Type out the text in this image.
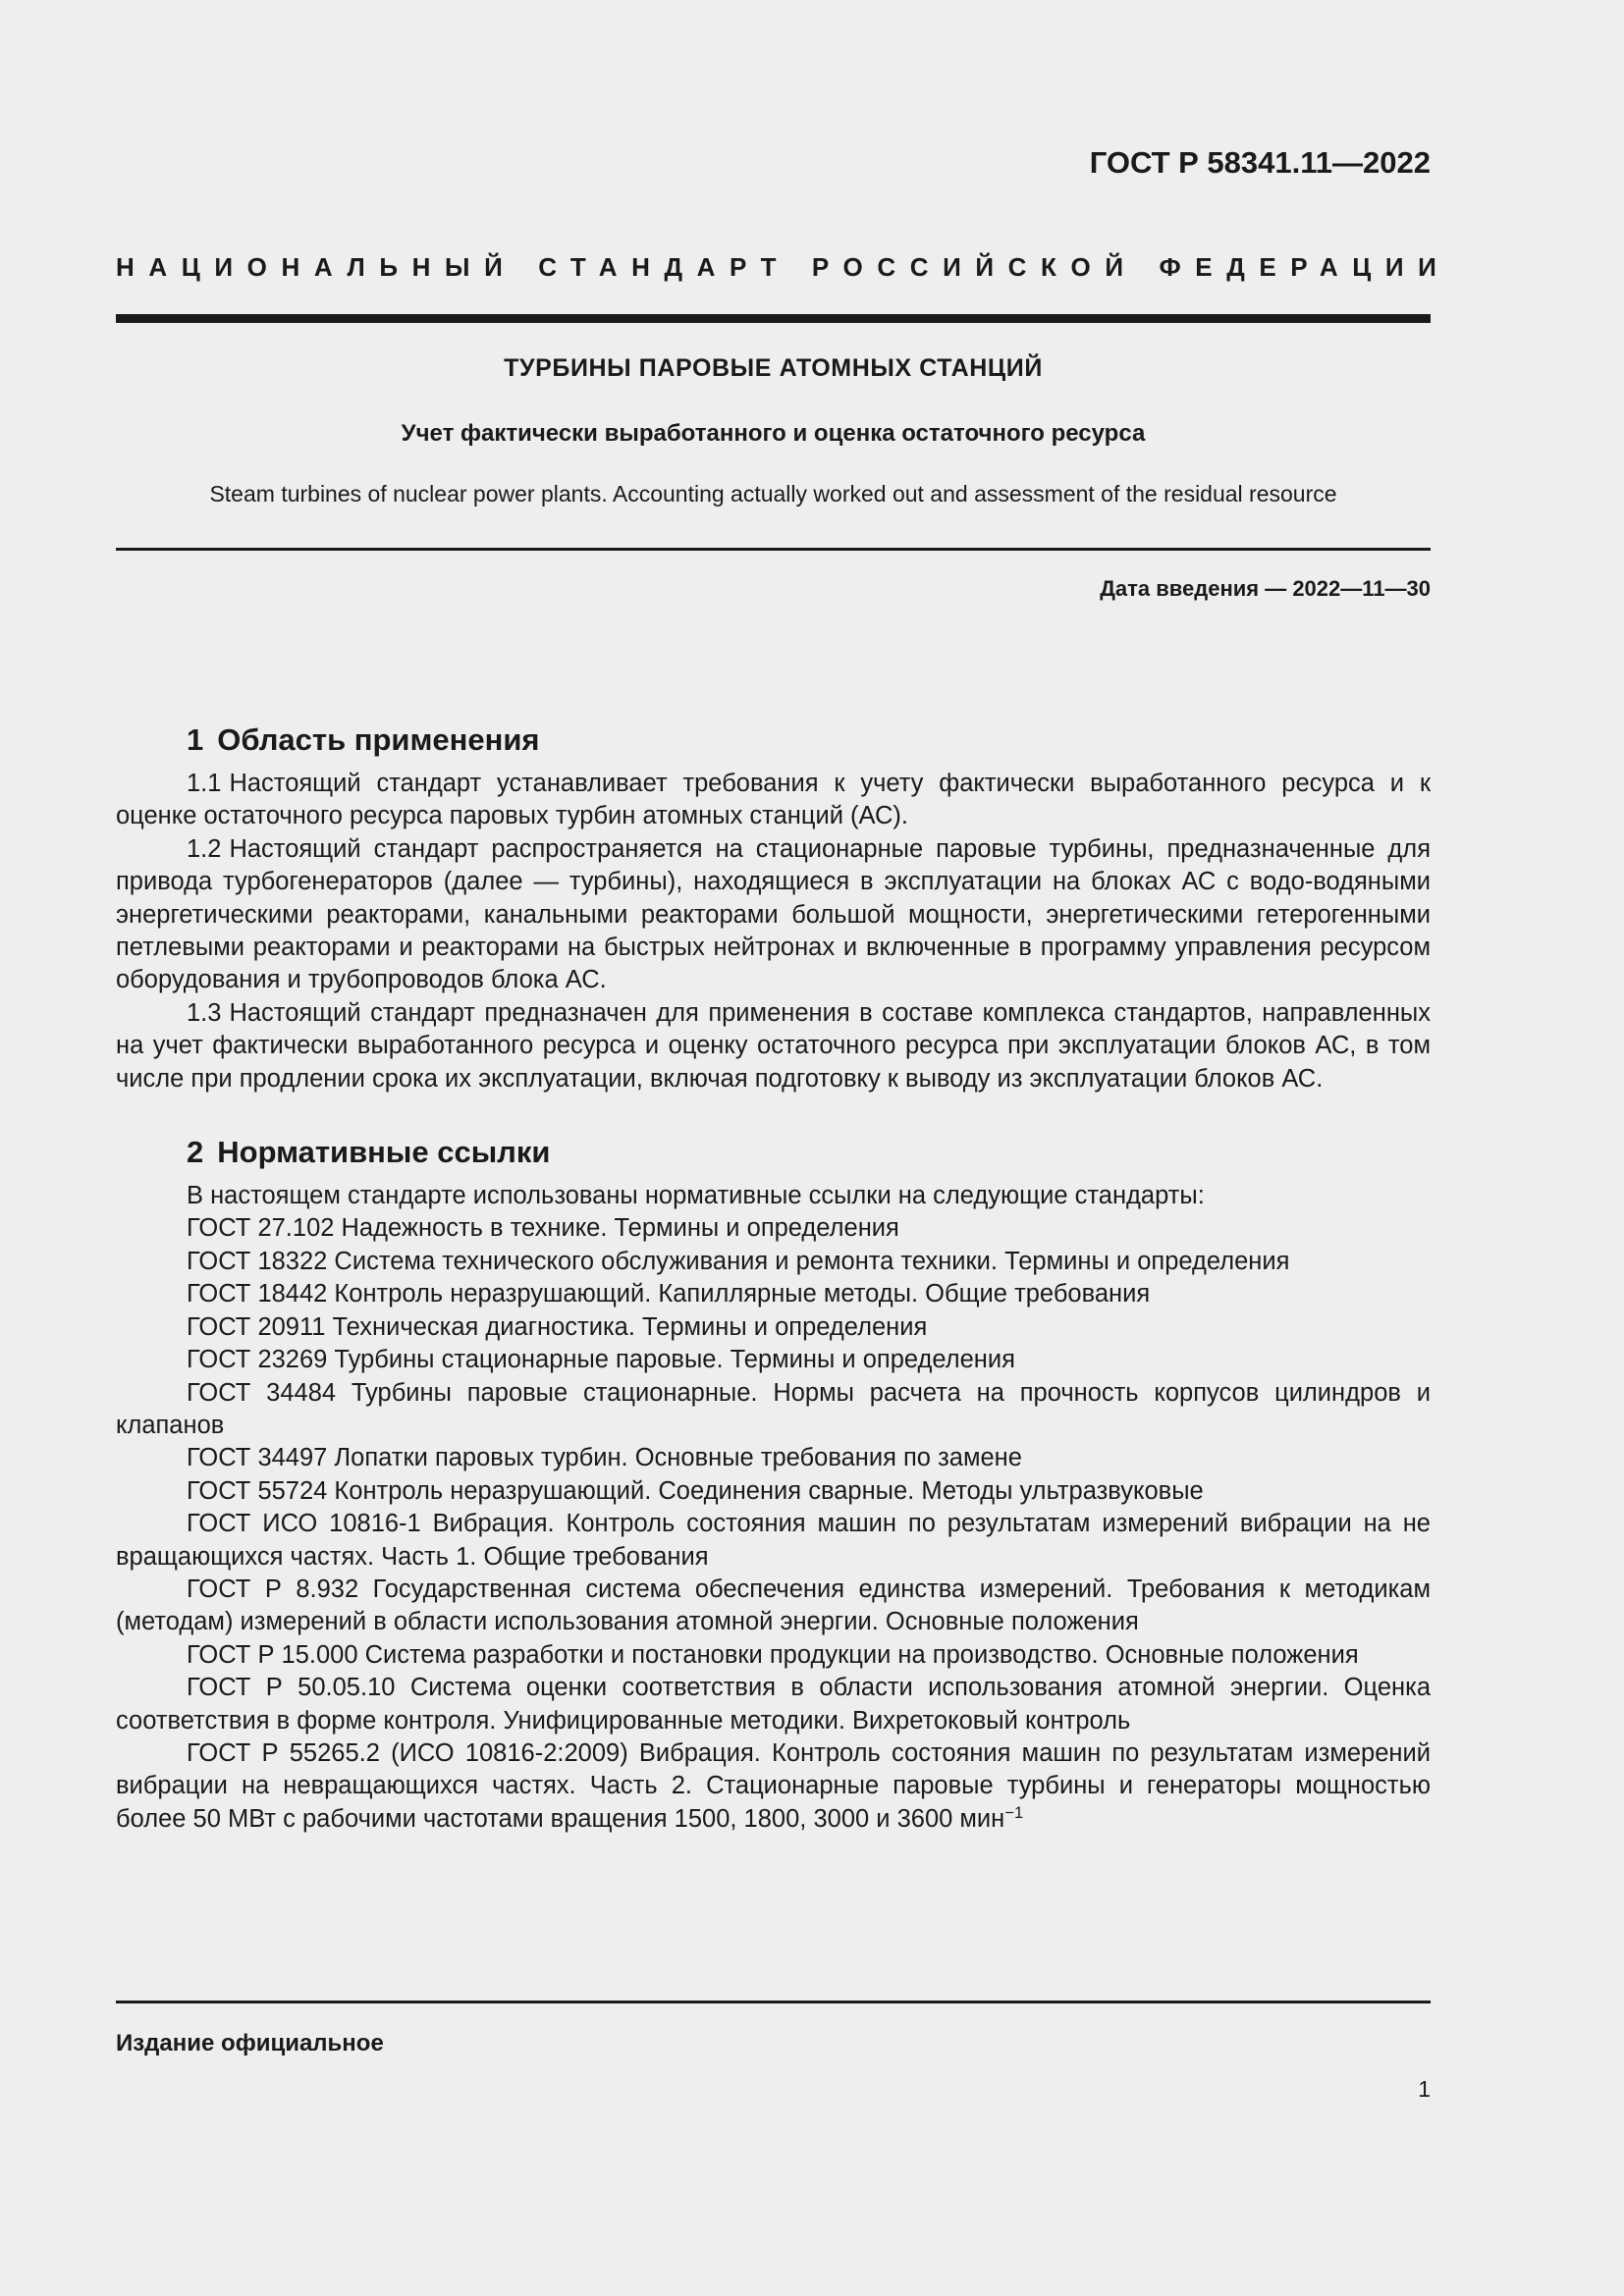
ГОСТ Р 58341.11—2022
НАЦИОНАЛЬНЫЙ СТАНДАРТ РОССИЙСКОЙ ФЕДЕРАЦИИ
ТУРБИНЫ ПАРОВЫЕ АТОМНЫХ СТАНЦИЙ
Учет фактически выработанного и оценка остаточного ресурса
Steam turbines of nuclear power plants. Accounting actually worked out and assessment of the residual resource
Дата введения — 2022—11—30
1 Область применения

1.1 Настоящий стандарт устанавливает требования к учету фактически выработанного ресурса и к оценке остаточного ресурса паровых турбин атомных станций (АС).

1.2 Настоящий стандарт распространяется на стационарные паровые турбины, предназначенные для привода турбогенераторов (далее — турбины), находящиеся в эксплуатации на блоках АС с водо-водяными энергетическими реакторами, канальными реакторами большой мощности, энергетическими гетерогенными петлевыми реакторами и реакторами на быстрых нейтронах и включенные в программу управления ресурсом оборудования и трубопроводов блока АС.

1.3 Настоящий стандарт предназначен для применения в составе комплекса стандартов, направленных на учет фактически выработанного ресурса и оценку остаточного ресурса при эксплуатации блоков АС, в том числе при продлении срока их эксплуатации, включая подготовку к выводу из эксплуатации блоков АС.

2 Нормативные ссылки

В настоящем стандарте использованы нормативные ссылки на следующие стандарты:

ГОСТ 27.102 Надежность в технике. Термины и определения

ГОСТ 18322 Система технического обслуживания и ремонта техники. Термины и определения

ГОСТ 18442 Контроль неразрушающий. Капиллярные методы. Общие требования

ГОСТ 20911 Техническая диагностика. Термины и определения

ГОСТ 23269 Турбины стационарные паровые. Термины и определения

ГОСТ 34484 Турбины паровые стационарные. Нормы расчета на прочность корпусов цилиндров и клапанов

ГОСТ 34497 Лопатки паровых турбин. Основные требования по замене

ГОСТ 55724 Контроль неразрушающий. Соединения сварные. Методы ультразвуковые

ГОСТ ИСО 10816-1 Вибрация. Контроль состояния машин по результатам измерений вибрации на не вращающихся частях. Часть 1. Общие требования

ГОСТ Р 8.932 Государственная система обеспечения единства измерений. Требования к методикам (методам) измерений в области использования атомной энергии. Основные положения

ГОСТ Р 15.000 Система разработки и постановки продукции на производство. Основные положения

ГОСТ Р 50.05.10 Система оценки соответствия в области использования атомной энергии. Оценка соответствия в форме контроля. Унифицированные методики. Вихретоковый контроль

ГОСТ Р 55265.2 (ИСО 10816-2:2009) Вибрация. Контроль состояния машин по результатам измерений вибрации на невращающихся частях. Часть 2. Стационарные паровые турбины и генераторы мощностью более 50 МВт с рабочими частотами вращения 1500, 1800, 3000 и 3600 мин$^{-1}$

Издание официальное
1
